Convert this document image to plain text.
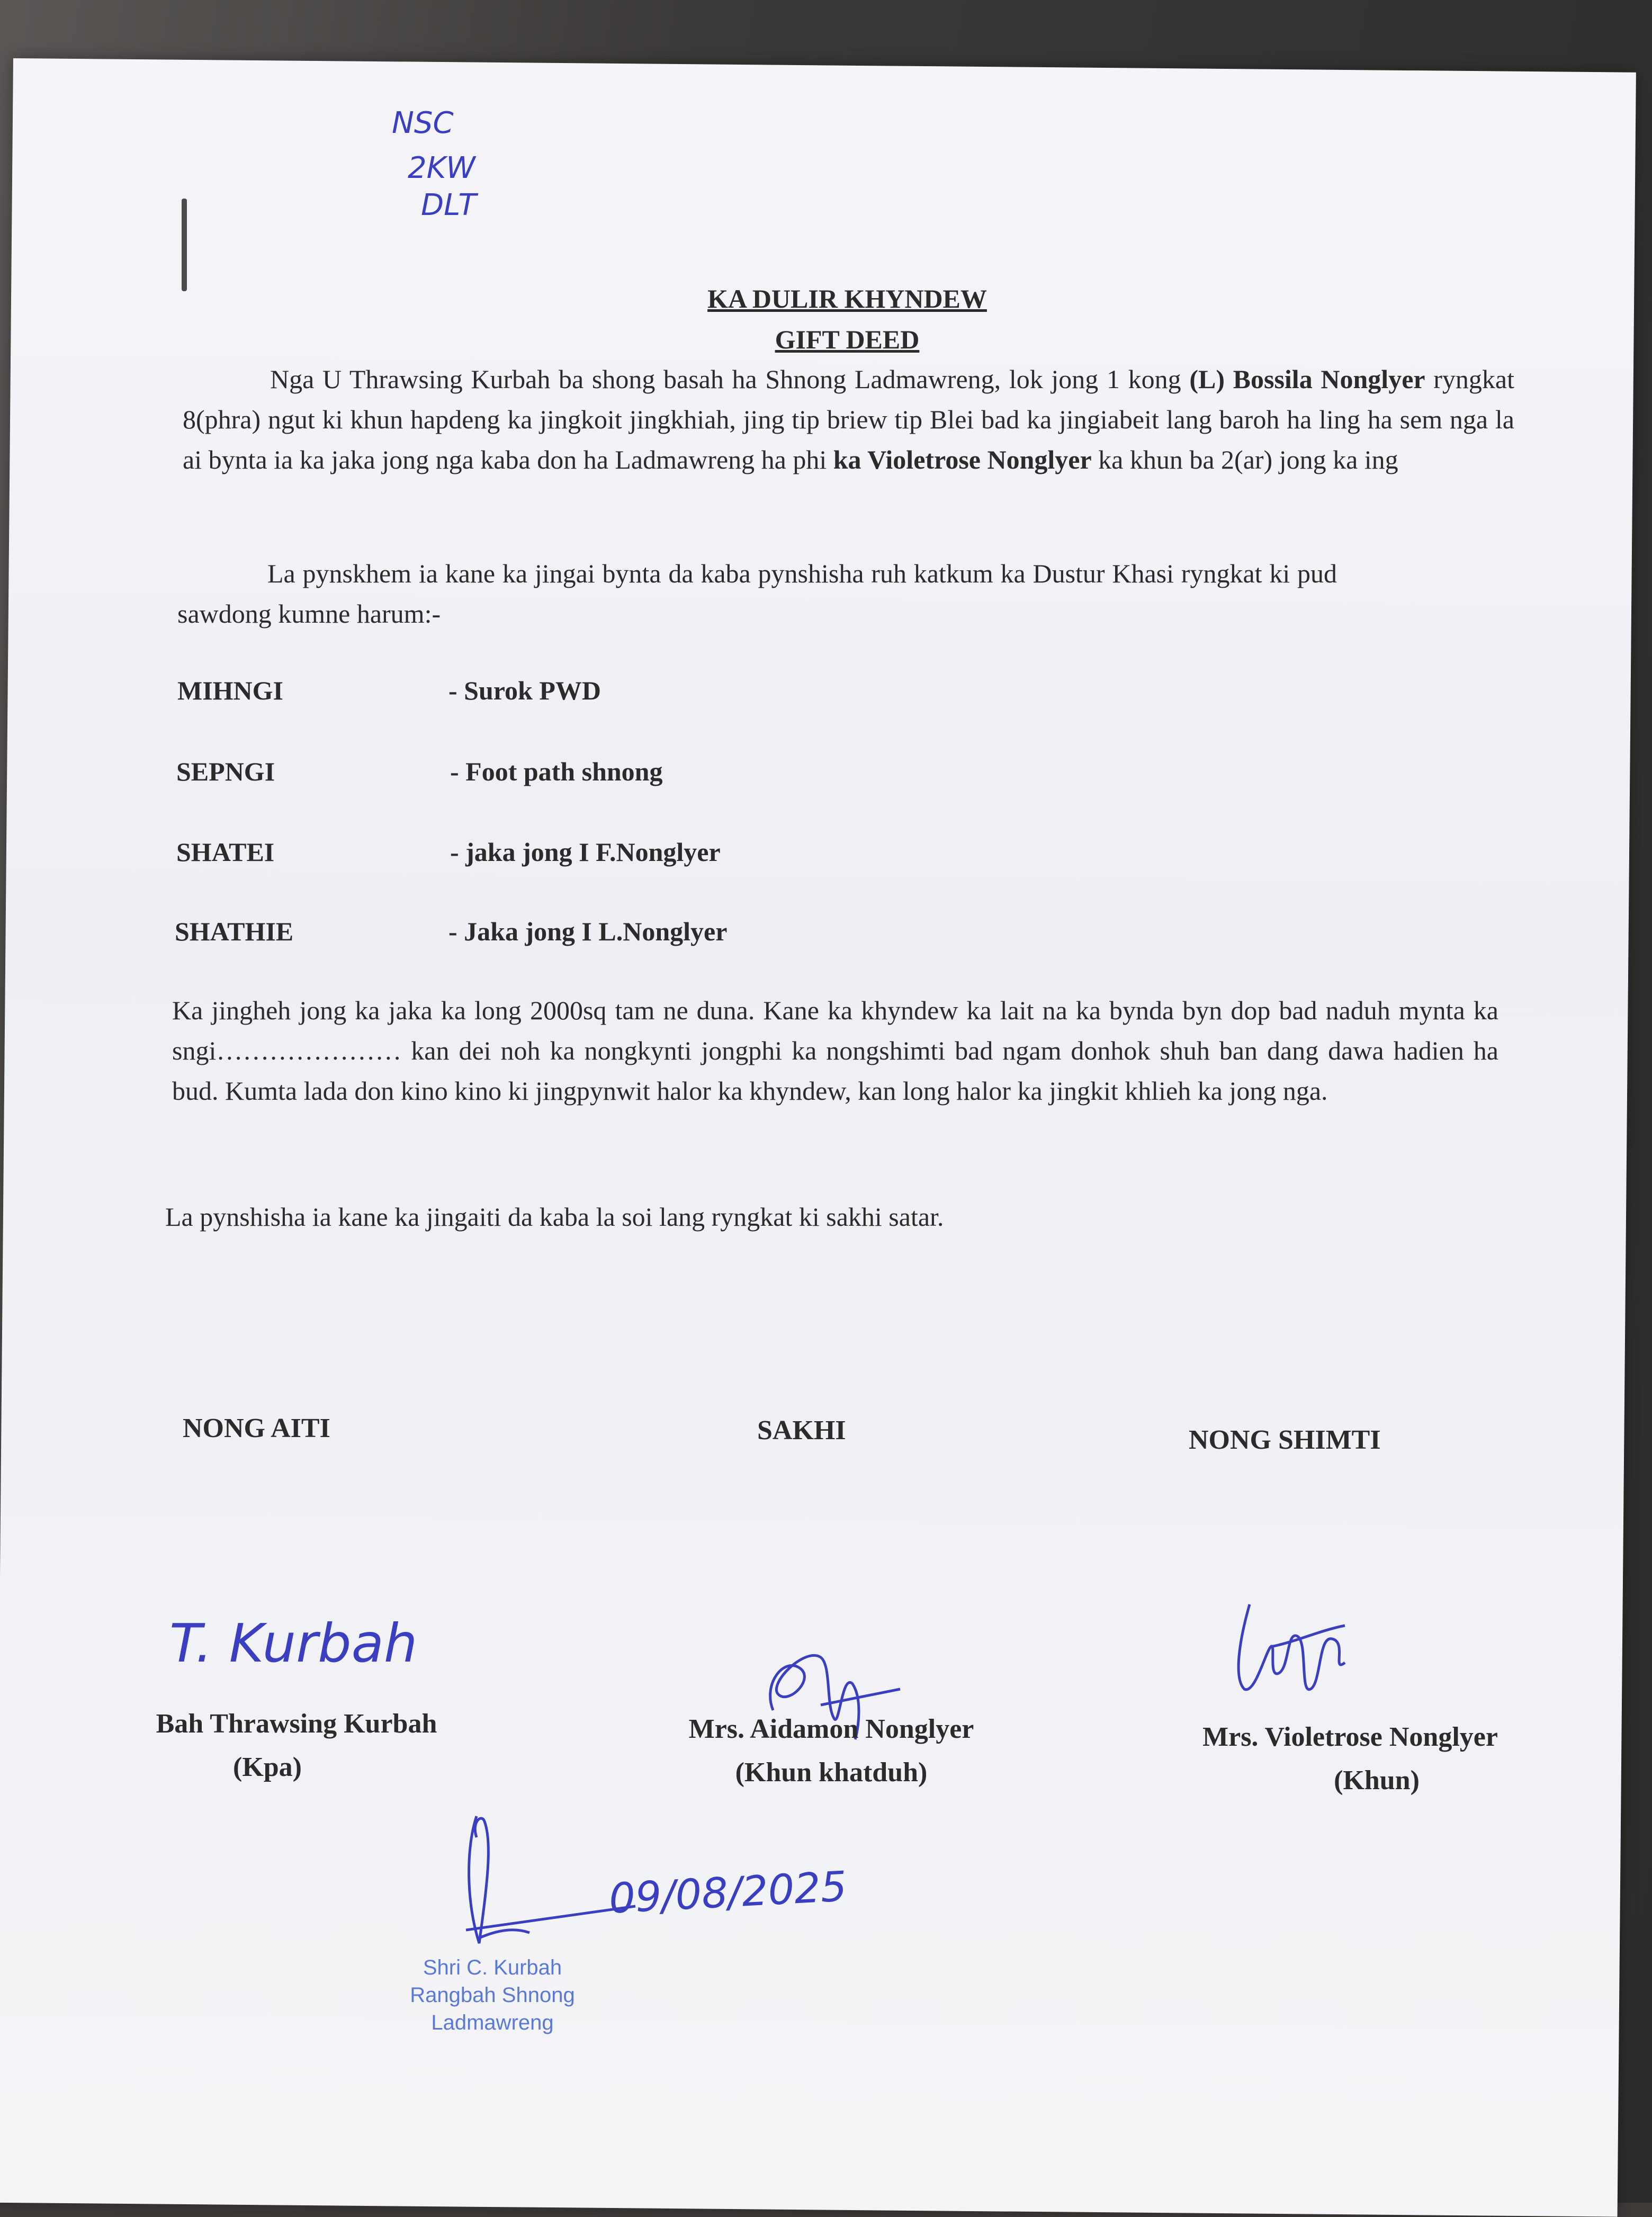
NSC
2KW
DLT
KA DULIR KHYNDEW
GIFT DEED
Nga U Thrawsing Kurbah ba shong basah ha Shnong Ladmawreng, lok jong 1 kong (L) Bossila Nonglyer ryngkat 8(phra) ngut ki khun hapdeng ka jingkoit jingkhiah, jing tip briew tip Blei bad ka jingiabeit lang baroh ha ling ha sem nga la ai bynta ia ka jaka jong nga kaba don ha Ladmawreng ha phi ka Violetrose Nonglyer ka khun ba 2(ar) jong ka ing
La pynskhem ia kane ka jingai bynta da kaba pynshisha ruh katkum ka Dustur Khasi ryngkat ki pud sawdong kumne harum:-
MIHNGI	- Surok PWD
SEPNGI	- Foot path shnong
SHATEI	- jaka jong I F.Nonglyer
SHATHIE	- Jaka jong I L.Nonglyer
Ka jingheh jong ka jaka ka long 2000sq tam ne duna. Kane ka khyndew ka lait na ka bynda byn dop bad naduh mynta ka sngi………………… kan dei noh ka nongkynti jongphi ka nongshimti bad ngam donhok shuh ban dang dawa hadien ha bud. Kumta lada don kino kino ki jingpynwit halor ka khyndew, kan long halor ka jingkit khlieh ka jong nga.
La pynshisha ia kane ka jingaiti da kaba la soi lang ryngkat ki sakhi satar.
NONG AITI	SAKHI	NONG SHIMTI
T. Kurbah
Bah Thrawsing Kurbah
(Kpa)
Mrs. Aidamon Nonglyer
(Khun khatduh)
Mrs. Violetrose Nonglyer
(Khun)
09/08/2025
Shri C. Kurbah
Rangbah Shnong
Ladmawreng
